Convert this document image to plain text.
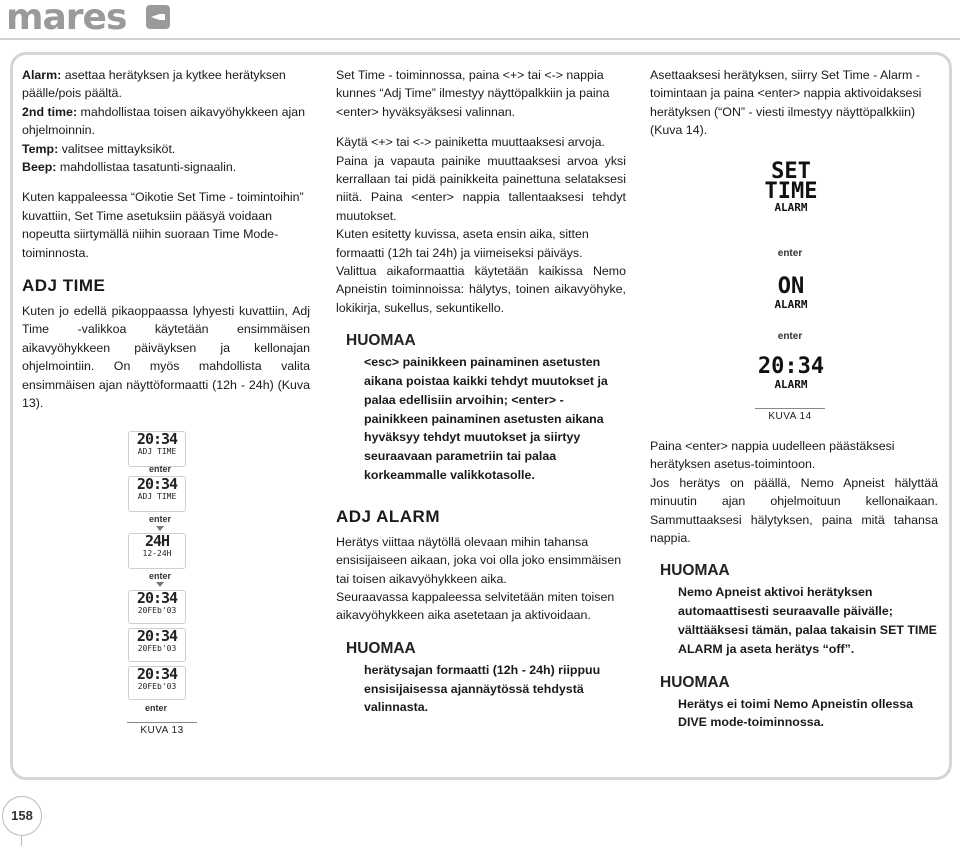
mares

Alarm: asettaa herätyksen ja kytkee herätyksen päälle/pois päältä.
2nd time: mahdollistaa toisen aikavyöhykkeen ajan ohjelmoinnin.
Temp: valitsee mittayksiköt.
Beep: mahdollistaa tasatunti-signaalin.

Kuten kappaleessa “Oikotie Set Time - toimintoihin” kuvattiin, Set Time asetuksiin pääsyä voidaan nopeutta siirtymällä niihin suoraan Time Mode-toiminnosta.

ADJ TIME

Kuten jo edellä pikaoppaassa lyhyesti kuvattiin, Adj Time -valikkoa käytetään ensimmäisen aikavyöhykkeen päiväyksen ja kellonajan ohjelmointiin. On myös mahdollista valita ensimmäisen ajan näyttöformaatti (12h - 24h) (Kuva 13).

20:34
ADJ TIME
enter
20:34
ADJ TIME
enter
24H
12-24H
enter
20:34
20FEb'03
20:34
20FEb'03
20:34
20FEb'03
enter
KUVA 13

Set Time - toiminnossa, paina <+> tai <-> nappia kunnes “Adj Time” ilmestyy näyttöpalkkiin ja paina <enter> hyväksyäksesi valinnan.

Käytä <+> tai <-> painiketta muuttaaksesi arvoja.

Paina ja vapauta painike muuttaaksesi arvoa yksi kerrallaan tai pidä painikkeita painettuna selataksesi niitä. Paina <enter> nappia tallentaaksesi tehdyt muutokset.

Kuten esitetty kuvissa, aseta ensin aika, sitten formaatti (12h tai 24h) ja viimeiseksi päiväys.

Valittua aikaformaattia käytetään kaikissa Nemo Apneistin toiminnoissa: hälytys, toinen aikavyöhyke, lokikirja, sukellus, sekuntikello.

HUOMAA
<esc> painikkeen painaminen asetusten aikana poistaa kaikki tehdyt muutokset ja palaa edellisiin arvoihin; <enter> -painikkeen painaminen asetusten aikana hyväksyy tehdyt muutokset ja siirtyy seuraavaan parametriin tai palaa korkeammalle valikkotasolle.
ADJ ALARM

Herätys viittaa näytöllä olevaan mihin tahansa ensisijaiseen aikaan, joka voi olla joko ensimmäisen tai toisen aikavyöhykkeen aika.

Seuraavassa kappaleessa selvitetään miten toisen aikavyöhykkeen aika asetetaan ja aktivoidaan.

HUOMAA
herätysajan formaatti (12h - 24h) riippuu ensisijaisessa ajannäytössä tehdystä valinnasta.

Asettaaksesi herätyksen, siirry Set Time - Alarm - toimintaan ja paina <enter> nappia aktivoidaksesi herätyksen (“ON” - viesti ilmestyy näyttöpalkkiin) (Kuva 14).

SET
TIME
ALARM
enter
ON
ALARM
enter
20:34
ALARM
KUVA 14

Paina <enter> nappia uudelleen päästäksesi herätyksen asetus-toimintoon.

Jos herätys on päällä, Nemo Apneist hälyttää minuutin ajan ohjelmoituun kellonaikaan. Sammuttaaksesi hälytyksen, paina mitä tahansa nappia.

HUOMAA
Nemo Apneist aktivoi herätyksen automaattisesti seuraavalle päivälle; välttääksesi tämän, palaa takaisin SET TIME ALARM ja aseta herätys “off”.
HUOMAA
Herätys ei toimi Nemo Apneistin ollessa DIVE mode-toiminnossa.
158
